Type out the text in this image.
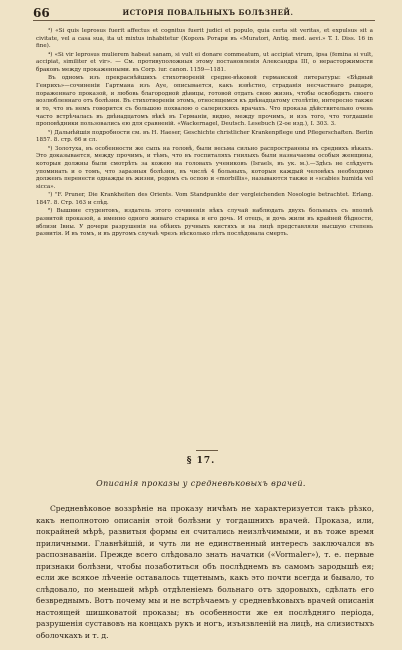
66	ИСТОРІЯ ПОВАЛЬНЫХЪ БОЛѢЗНЕЙ.

³) «Si quis leprosus fuerit affectus et cognitus fuerit judici et populo, quia certa sit veritas, et expulsus sit a civitate, vel a casa sua, ita ut mixtus inhabitetur (Король Ротари въ «Muratori, Antiq. med. aevi.» T. I. Diss. 16 in fine).

⁴) «Si vir leprosus mulierem habeat sanam, si vult ei donare commeatum, ut accipiat virum, ipsa (femina si vult, accipiat, similiter et vir». — См. противуположныя этому постановленія Александра III, о нерасторжимости браковъ между прокаженными. въ Corp. iur. canon. 1159—1181.

Въ одномъ изъ прекраснѣйшихъ стихотвореній средне-вѣковой германской литературы: «Бѣдный Генрихъ»—сочиненіи Гартмана изъ Ауе, описывается, какъ извѣстно, страданія несчастнаго рыцаря, пораженнаго проказой, и любовь благородной дѣвицы, готовой отдать свою жизнь, чтобы освободить своего возлюбленнаго отъ болѣзни. Въ стихотвореніи этомъ, относящемся къ двѣнадцатому столѣтію, интересно также и то, что въ немъ говорится съ большою похвалою о салернскихъ врачахъ. Что проказа дѣйствительно очень часто встрѣчалась въ двѣнадцатомъ вѣкѣ въ Германіи, видно, между прочимъ, и изъ того, что тогдашніе проповѣдники пользовались ею для сравненій. «Wackernagel, Deutsch. Lesebuch (2-oe изд.), I. 303. 3.

⁵) Дальнѣйшія подробности см. въ H. Haeser, Geschichte christlicher Krankenpflege und Pflegerschaften. Berlin 1857. 8. стр. 66 и сл.

⁶) Золотуха, въ особенности же сыпь на головѣ, были весьма сильно распространены въ среднихъ вѣкахъ. Это доказывается, между прочимъ, и тѣмъ, что въ госпиталяхъ гнилыхъ были назначаемы особыя женщины, которыя должны были смотрѣть за кожею на головахъ учениковъ (Israels, въ ук. м.).—Здѣсь не слѣдуетъ упоминать и о томъ, что заразныя болѣзни, въ числѣ 4 больныхъ, которыя каждый человѣкъ необходимо долженъ перенести однажды въ жизни, родомъ съ оспою и «morbillis», называются также и «scabies humida vel sicca».

⁷) "F. Pruner, Die Krankheiten des Orients. Vom Standpunkte der vergleichenden Nosologie betrachtet. Erlang. 1847. 8. Стр. 163 и слѣд.

⁸) Вышние студентовъ, издатель этого сочиненія нѣкъ случай наблюдать двухъ больныхъ съ вполнѣ развитой проказой, а именно одного живаго старика и его дочь. И отецъ, и дочь жили въ крайней бѣдности, вблизи Івны. У дочери разрушенія на обѣихъ ручныхъ кистяхъ и на лицѣ представляли высшую степень развитія. И въ томъ, и въ другомъ случаѣ чрезъ нѣсколько лѣтъ послѣдовала смерть.

§ 17.
Описанія проказы у средневѣковыхъ врачей.

Средневѣковое воззрѣніе на проказу ничѣмъ не характеризуется такъ рѣзко, какъ неполнотою описанія этой болѣзни у тогдашнихъ врачей. Проказа, или, покрайней мѣрѣ, развитыя формы ея считались неизлѣчимыми, и въ тоже время приличными. Главнѣйшій, и чуть ли не единственный интересъ заключался въ распознаваніи. Прежде всего слѣдовало знать начатки («Vormaler»), т. е. первые признаки болѣзни, чтобы позаботиться объ послѣднемъ въ самомъ зародышѣ ея; если же всякое лѣченіе оставалось тщетнымъ, какъ это почти всегда и бывало, то слѣдовало, по меньшей мѣрѣ отдѣленіемъ больнаго отъ здоровыхъ, сдѣлать его безвреднымъ. Вотъ почему мы и не встрѣчаемъ у средневѣковыхъ врачей описанія настоящей шишковатой проказы; въ особенности же ея послѣдняго періода, разрушенія суставовъ на концахъ рукъ и ногъ, изъязвленій на лицѣ, на слизистыхъ оболочкахъ и т. д.
